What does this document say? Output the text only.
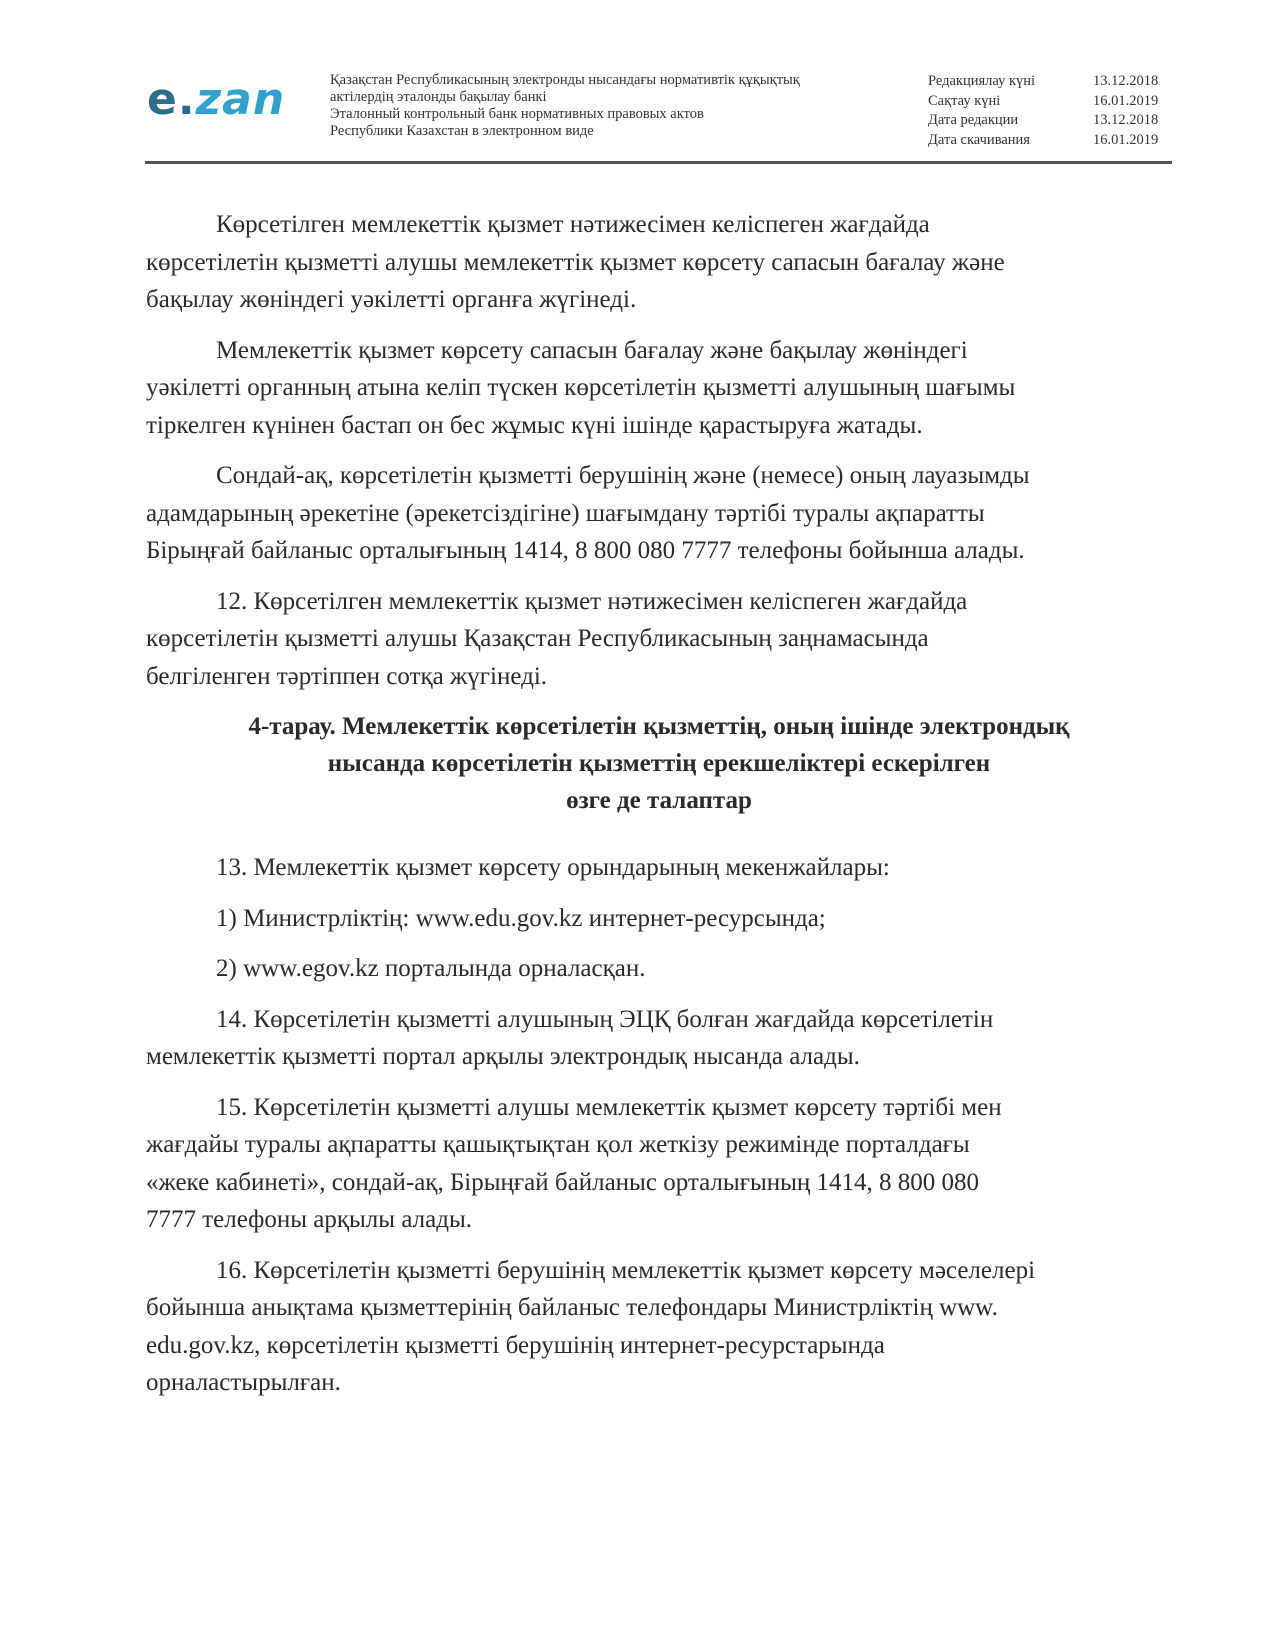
e.zan	Қазақстан Республикасының электронды нысандағы нормативтік құқықтық
актілердің эталонды бақылау банкі
Эталонный контрольный банк нормативных правовых актов
Республики Казахстан в электронном виде
Редакциялау күні	13.12.2018
Сақтау күні	16.01.2019
Дата редакции	13.12.2018
Дата скачивания	16.01.2019

Көрсетілген мемлекеттік қызмет нәтижесімен келіспеген жағдайда
көрсетілетін қызметті алушы мемлекеттік қызмет көрсету сапасын бағалау және
бақылау жөніндегі уәкілетті органға жүгінеді.

Мемлекеттік қызмет көрсету сапасын бағалау және бақылау жөніндегі
уәкілетті органның атына келіп түскен көрсетілетін қызметті алушының шағымы
тіркелген күнінен бастап он бес жұмыс күні ішінде қарастыруға жатады.

Сондай-ақ, көрсетілетін қызметті берушінің және (немесе) оның лауазымды
адамдарының әрекетіне (әрекетсіздігіне) шағымдану тәртібі туралы ақпаратты
Бірыңғай байланыс орталығының 1414, 8 800 080 7777 телефоны бойынша алады.

12. Көрсетілген мемлекеттік қызмет нәтижесімен келіспеген жағдайда
көрсетілетін қызметті алушы Қазақстан Республикасының заңнамасында
белгіленген тәртіппен сотқа жүгінеді.

4-тарау. Мемлекеттік көрсетілетін қызметтің, оның ішінде электрондық
нысанда көрсетілетін қызметтің ерекшеліктері ескерілген
өзге де талаптар

13. Мемлекеттік қызмет көрсету орындарының мекенжайлары:

1) Министрліктің: www.edu.gov.kz интернет-ресурсында;

2) www.egov.kz порталында орналасқан.

14. Көрсетілетін қызметті алушының ЭЦҚ болған жағдайда көрсетілетін
мемлекеттік қызметті портал арқылы электрондық нысанда алады.

15. Көрсетілетін қызметті алушы мемлекеттік қызмет көрсету тәртібі мен
жағдайы туралы ақпаратты қашықтықтан қол жеткізу режимінде порталдағы
«жеке кабинеті», сондай-ақ, Бірыңғай байланыс орталығының 1414, 8 800 080
7777 телефоны арқылы алады.

16. Көрсетілетін қызметті берушінің мемлекеттік қызмет көрсету мәселелері
бойынша анықтама қызметтерінің байланыс телефондары Министрліктің www.
edu.gov.kz, көрсетілетін қызметті берушінің интернет-ресурстарында
орналастырылған.
